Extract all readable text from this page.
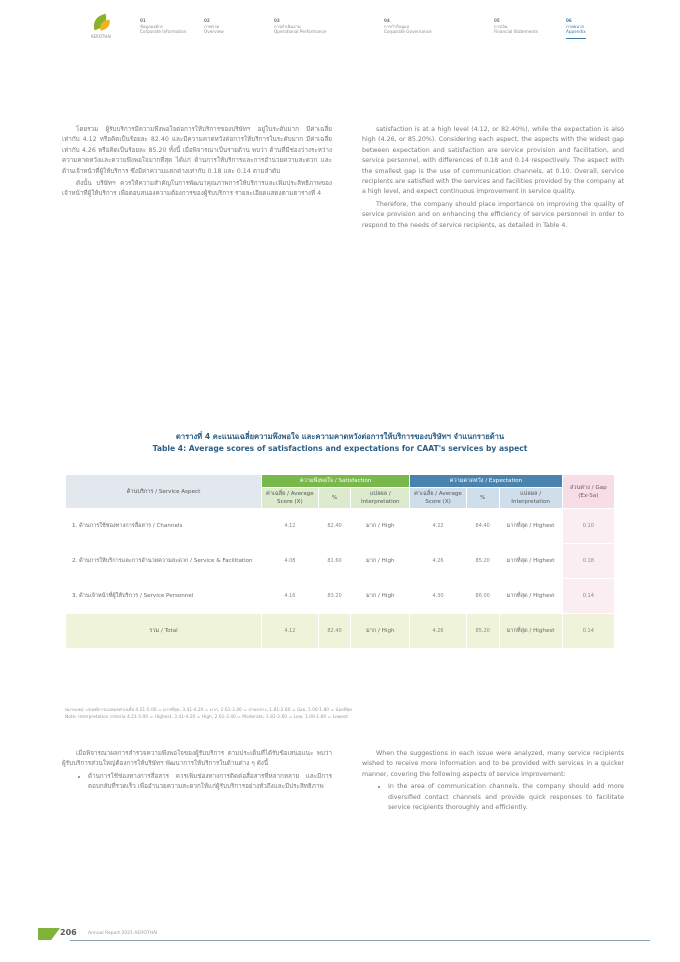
AEROTHAI
01
ข้อมูลองค์กร
Corporate Information
02
ภาพรวม
Overview
03
การดำเนินงาน
Operational Performance
04
การกำกับดูแล
Corporate Governance
05
การเงิน
Financial Statements
06
ภาคผนวก
Appendix

โดยรวม ผู้รับบริการมีความพึงพอใจต่อการให้บริการของบริษัทฯ อยู่ในระดับมาก มีค่าเฉลี่ยเท่ากับ 4.12 หรือคิดเป็นร้อยละ 82.40 และมีความคาดหวังต่อการให้บริการในระดับมาก มีค่าเฉลี่ยเท่ากับ 4.26 หรือคิดเป็นร้อยละ 85.20 ทั้งนี้ เมื่อพิจารณาเป็นรายด้าน พบว่า ด้านที่มีช่องว่างระหว่างความคาดหวังและความพึงพอใจมากที่สุด ได้แก่ ด้านการให้บริการและการอำนวยความสะดวก และด้านเจ้าหน้าที่ผู้ให้บริการ ซึ่งมีค่าความแตกต่างเท่ากับ 0.18 และ 0.14 ตามลำดับ

ดังนั้น บริษัทฯ ควรให้ความสำคัญในการพัฒนาคุณภาพการให้บริการและเพิ่มประสิทธิภาพของเจ้าหน้าที่ผู้ให้บริการ เพื่อตอบสนองความต้องการของผู้รับบริการ รายละเอียดแสดงตามตารางที่ 4

satisfaction is at a high level (4.12, or 82.40%), while the expectation is also high (4.26, or 85.20%). Considering each aspect, the aspects with the widest gap between expectation and satisfaction are service provision and facilitation, and service personnel, with differences of 0.18 and 0.14 respectively. The aspect with the smallest gap is the use of communication channels, at 0.10. Overall, service recipients are satisfied with the services and facilities provided by the company at a high level, and expect continuous improvement in service quality.

Therefore, the company should place importance on improving the quality of service provision and on enhancing the efficiency of service personnel in order to respond to the needs of service recipients, as detailed in Table 4.

ตารางที่ 4 คะแนนเฉลี่ยความพึงพอใจ และความคาดหวังต่อการให้บริการของบริษัทฯ จำแนกรายด้าน
Table 4: Average scores of satisfactions and expectations for CAAT's services by aspect
ด้านบริการ / Service Aspect	ความพึงพอใจ / Satisfaction			ความคาดหวัง / Expectation			ส่วนต่าง / Gap (Ex-Sa)
	ค่าเฉลี่ย / Average Score (X)	%	แปลผล / Interpretation	ค่าเฉลี่ย / Average Score (X)	%	แปลผล / Interpretation	
1. ด้านการใช้ช่องทางการสื่อสาร / Channels	4.12	82.40	มาก / High	4.22	84.40	มากที่สุด / Highest	0.10
2. ด้านการให้บริการและการอำนวยความสะดวก / Service & Facilitation	4.08	81.60	มาก / High	4.26	85.20	มากที่สุด / Highest	0.18
3. ด้านเจ้าหน้าที่ผู้ให้บริการ / Service Personnel	4.16	83.20	มาก / High	4.30	86.00	มากที่สุด / Highest	0.14
รวม / Total	4.12	82.40	มาก / High	4.26	85.20	มากที่สุด / Highest	0.14
หมายเหตุ: เกณฑ์การแปลผลค่าเฉลี่ย 4.21-5.00 = มากที่สุด, 3.41-4.20 = มาก, 2.61-3.40 = ปานกลาง, 1.81-2.60 = น้อย, 1.00-1.80 = น้อยที่สุด
Note: Interpretation criteria 4.21-5.00 = Highest, 3.41-4.20 = High, 2.61-3.40 = Moderate, 1.81-2.60 = Low, 1.00-1.80 = Lowest

เมื่อพิจารณาผลการสำรวจความพึงพอใจของผู้รับบริการ ตามประเด็นที่ได้รับข้อเสนอแนะ พบว่า ผู้รับบริการส่วนใหญ่ต้องการให้บริษัทฯ พัฒนาการให้บริการในด้านต่าง ๆ ดังนี้

• ด้านการใช้ช่องทางการสื่อสาร ควรเพิ่มช่องทางการติดต่อสื่อสารที่หลากหลาย และมีการตอบกลับที่รวดเร็ว เพื่ออำนวยความสะดวกให้แก่ผู้รับบริการอย่างทั่วถึงและมีประสิทธิภาพ

When the suggestions in each issue were analyzed, many service recipients wished to receive more information and to be provided with services in a quicker manner, covering the following aspects of service improvement:

• In the area of communication channels, the company should add more diversified contact channels and provide quick responses to facilitate service recipients thoroughly and efficiently.
206	Annual Report 2021 AEROTHAI
